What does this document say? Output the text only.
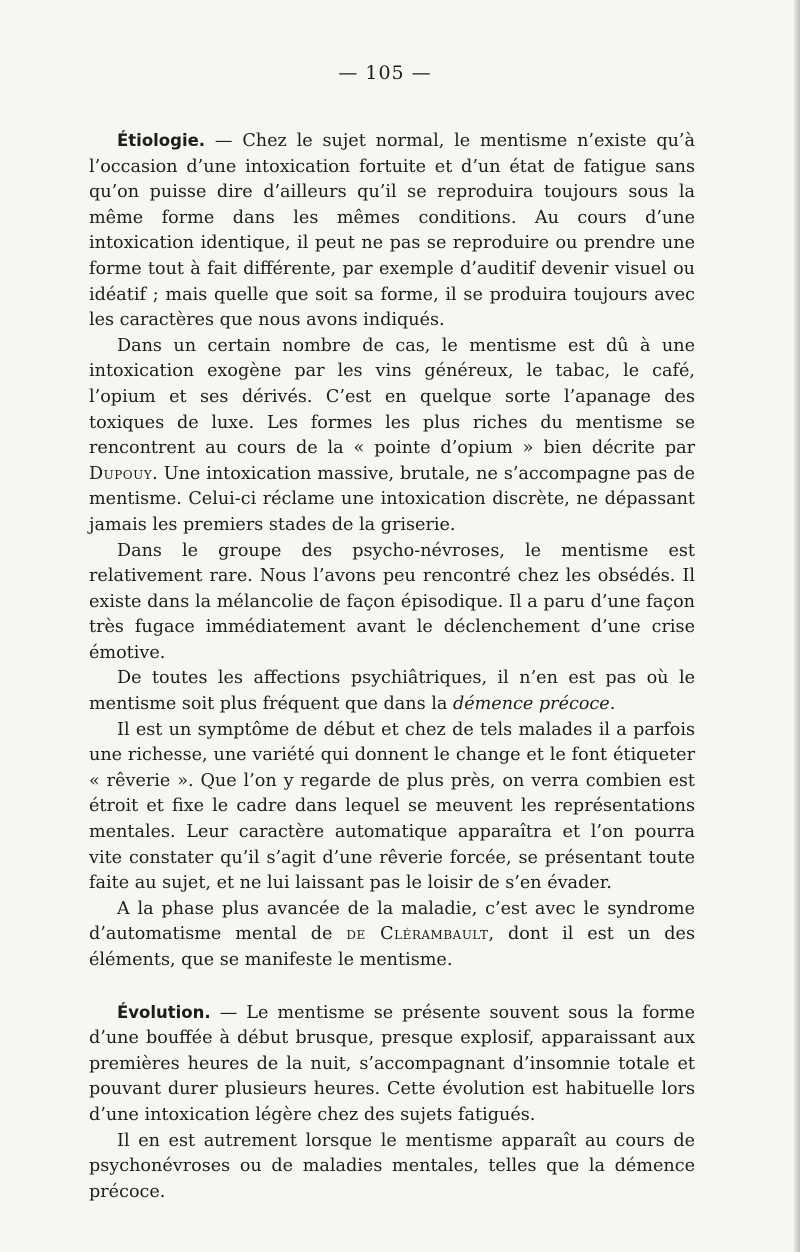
— 105 —

Étiologie. — Chez le sujet normal, le mentisme n’existe qu’à l’occasion d’une intoxication fortuite et d’un état de fatigue sans qu’on puisse dire d’ailleurs qu’il se reproduira toujours sous la même forme dans les mêmes conditions. Au cours d’une intoxication identique, il peut ne pas se reproduire ou prendre une forme tout à fait différente, par exemple d’auditif devenir visuel ou idéatif ; mais quelle que soit sa forme, il se produira toujours avec les caractères que nous avons indiqués.

Dans un certain nombre de cas, le mentisme est dû à une intoxication exogène par les vins généreux, le tabac, le café, l’opium et ses dérivés. C’est en quelque sorte l’apanage des toxiques de luxe. Les formes les plus riches du mentisme se rencontrent au cours de la « pointe d’opium » bien décrite par Dupouy. Une intoxication massive, brutale, ne s’accompagne pas de mentisme. Celui-ci réclame une intoxication discrète, ne dépassant jamais les premiers stades de la griserie.

Dans le groupe des psycho-névroses, le mentisme est relativement rare. Nous l’avons peu rencontré chez les obsédés. Il existe dans la mélancolie de façon épisodique. Il a paru d’une façon très fugace immédiatement avant le déclenchement d’une crise émotive.

De toutes les affections psychiâtriques, il n’en est pas où le mentisme soit plus fréquent que dans la démence précoce.

Il est un symptôme de début et chez de tels malades il a parfois une richesse, une variété qui donnent le change et le font étiqueter « rêverie ». Que l’on y regarde de plus près, on verra combien est étroit et fixe le cadre dans lequel se meuvent les représentations mentales. Leur caractère automatique apparaîtra et l’on pourra vite constater qu’il s’agit d’une rêverie forcée, se présentant toute faite au sujet, et ne lui laissant pas le loisir de s’en évader.

A la phase plus avancée de la maladie, c’est avec le syndrome d’automatisme mental de de Clérambault, dont il est un des éléments, que se manifeste le mentisme.

Évolution. — Le mentisme se présente souvent sous la forme d’une bouffée à début brusque, presque explosif, apparaissant aux premières heures de la nuit, s’accompagnant d’insomnie totale et pouvant durer plusieurs heures. Cette évolution est habituelle lors d’une intoxication légère chez des sujets fatigués.

Il en est autrement lorsque le mentisme apparaît au cours de psychonévroses ou de maladies mentales, telles que la démence précoce.
